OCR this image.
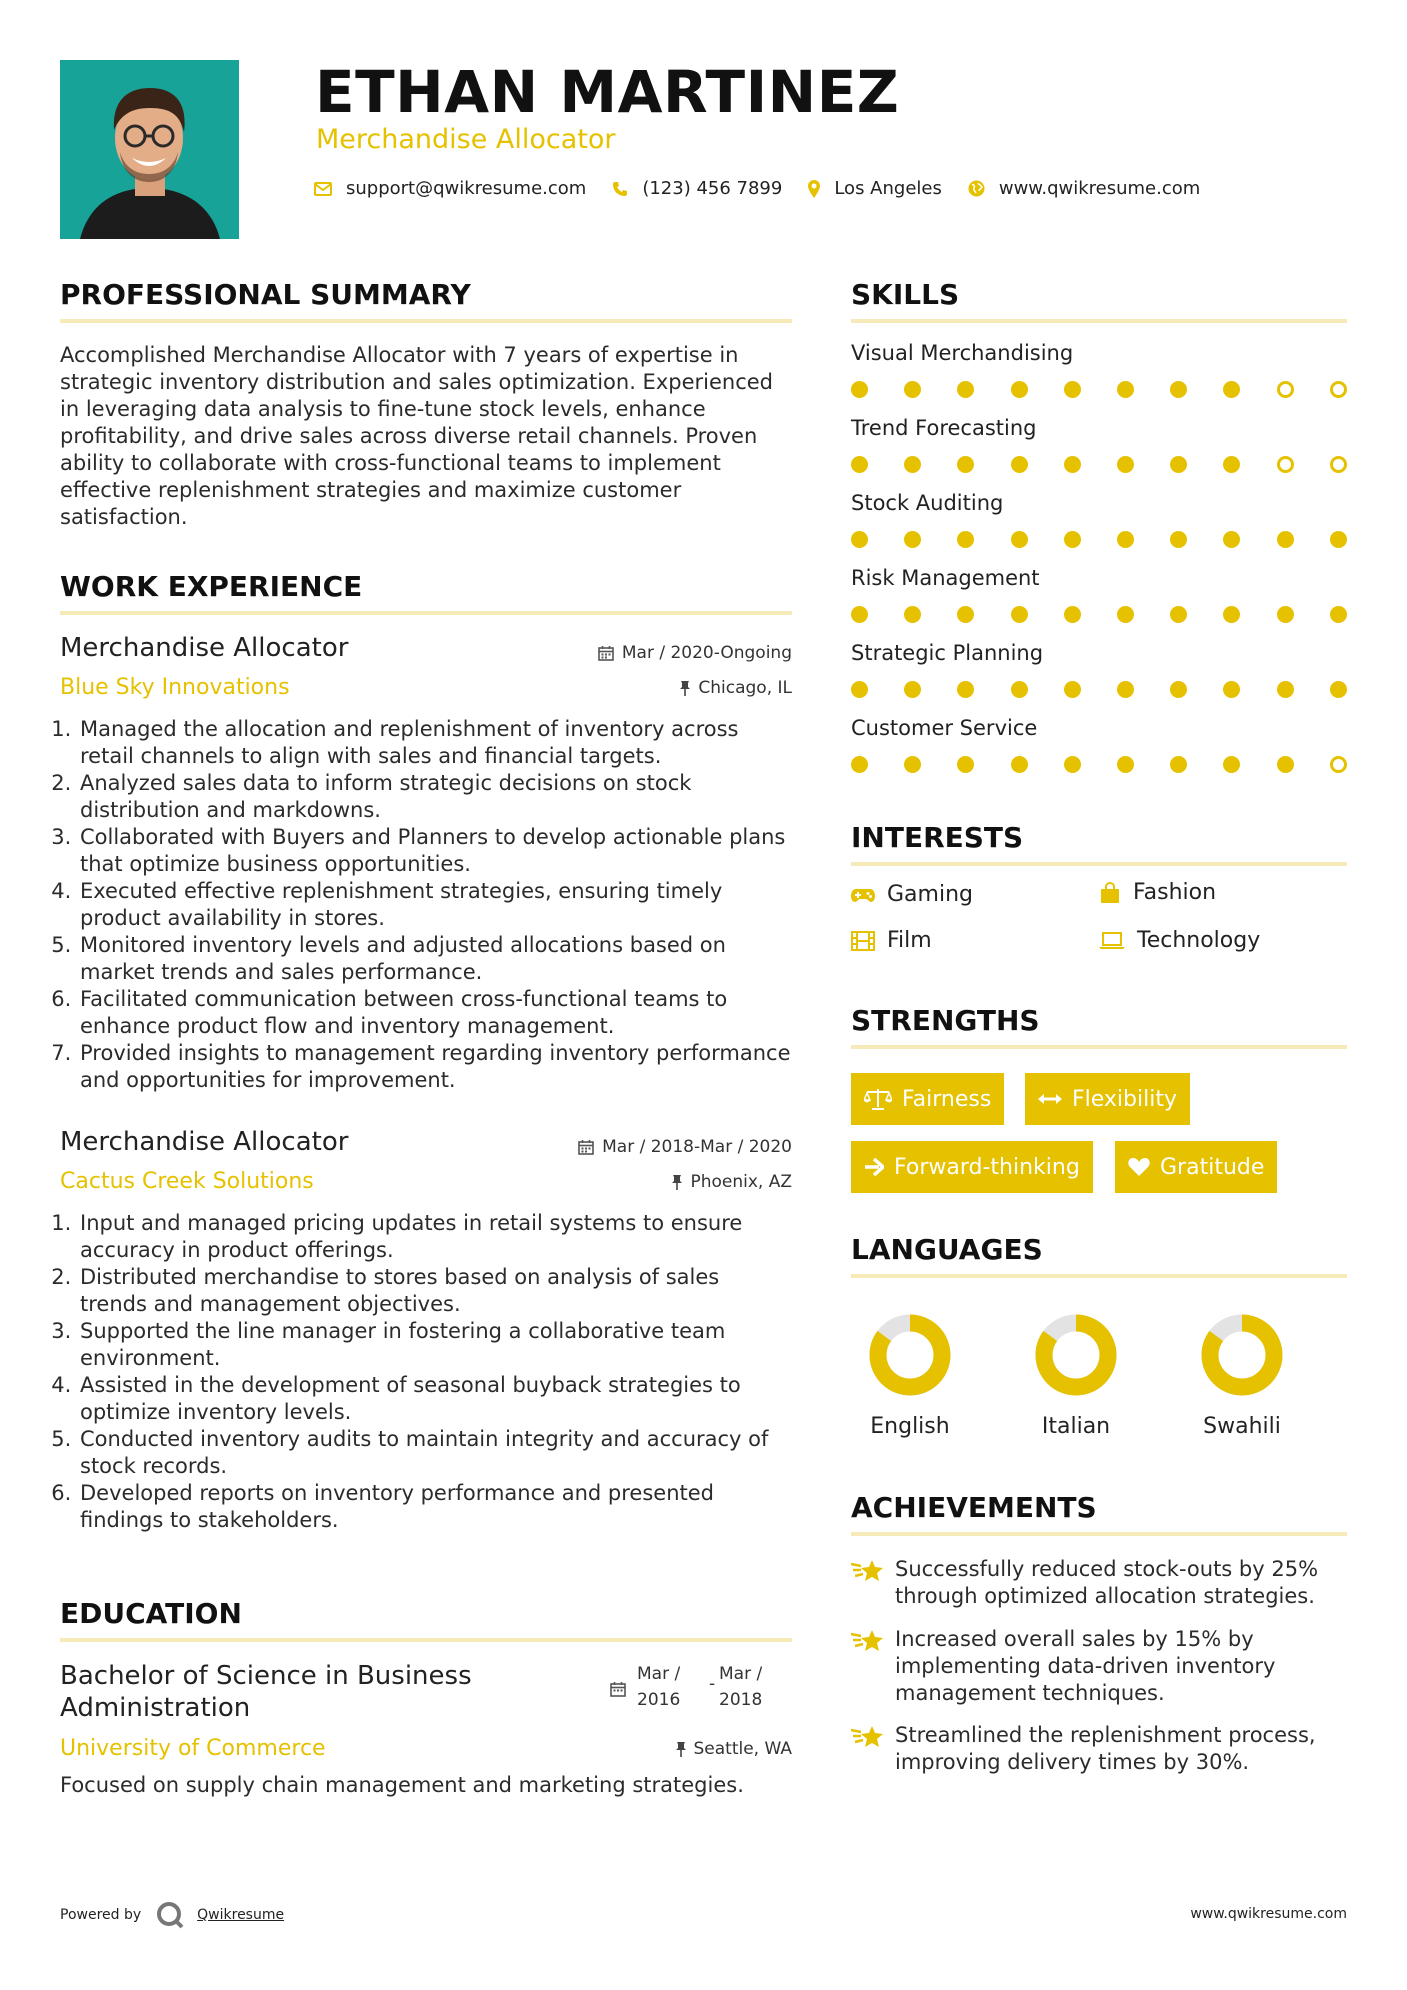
ETHAN MARTINEZ
Merchandise Allocator
support@qwikresume.com	(123) 456 7899	Los Angeles	www.qwikresume.com
PROFESSIONAL SUMMARY
Accomplished Merchandise Allocator with 7 years of expertise in strategic inventory distribution and sales optimization. Experienced in leveraging data analysis to fine-tune stock levels, enhance profitability, and drive sales across diverse retail channels. Proven ability to collaborate with cross-functional teams to implement effective replenishment strategies and maximize customer satisfaction.
WORK EXPERIENCE
Merchandise Allocator	Mar / 2020-Ongoing
Blue Sky Innovations	Chicago, IL
1. Managed the allocation and replenishment of inventory across retail channels to align with sales and financial targets.
2. Analyzed sales data to inform strategic decisions on stock distribution and markdowns.
3. Collaborated with Buyers and Planners to develop actionable plans that optimize business opportunities.
4. Executed effective replenishment strategies, ensuring timely product availability in stores.
5. Monitored inventory levels and adjusted allocations based on market trends and sales performance.
6. Facilitated communication between cross-functional teams to enhance product flow and inventory management.
7. Provided insights to management regarding inventory performance and opportunities for improvement.
Merchandise Allocator	Mar / 2018-Mar / 2020
Cactus Creek Solutions	Phoenix, AZ
1. Input and managed pricing updates in retail systems to ensure accuracy in product offerings.
2. Distributed merchandise to stores based on analysis of sales trends and management objectives.
3. Supported the line manager in fostering a collaborative team environment.
4. Assisted in the development of seasonal buyback strategies to optimize inventory levels.
5. Conducted inventory audits to maintain integrity and accuracy of stock records.
6. Developed reports on inventory performance and presented findings to stakeholders.
EDUCATION
Bachelor of Science in Business
Administration
Mar /
2016
- Mar /
2018
University of Commerce	Seattle, WA
Focused on supply chain management and marketing strategies.
SKILLS
Visual Merchandising
Trend Forecasting
Stock Auditing
Risk Management
Strategic Planning
Customer Service
INTERESTS
Gaming	Fashion
Film	Technology
STRENGTHS
Fairness	Flexibility
Forward-thinking	Gratitude
LANGUAGES
English	Italian	Swahili
ACHIEVEMENTS
Successfully reduced stock-outs by 25% through optimized allocation strategies.
Increased overall sales by 15% by implementing data-driven inventory management techniques.
Streamlined the replenishment process, improving delivery times by 30%.
Powered by	Qwikresume	www.qwikresume.com
